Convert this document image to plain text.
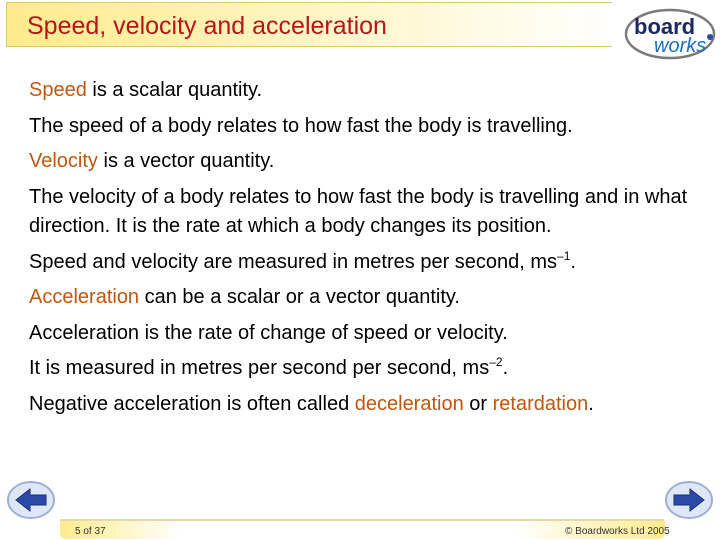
Speed, velocity and acceleration	board
works

Speed is a scalar quantity.

The speed of a body relates to how fast the body is travelling.

Velocity is a vector quantity.

The velocity of a body relates to how fast the body is travelling and in what direction. It is the rate at which a body changes its position.

Speed and velocity are measured in metres per second, $ms^{-1}$.

Acceleration can be a scalar or a vector quantity.

Acceleration is the rate of change of speed or velocity.

It is measured in metres per second per second, $ms^{-2}$.

Negative acceleration is often called deceleration or retardation.

5 of 37	© Boardworks Ltd 2005
